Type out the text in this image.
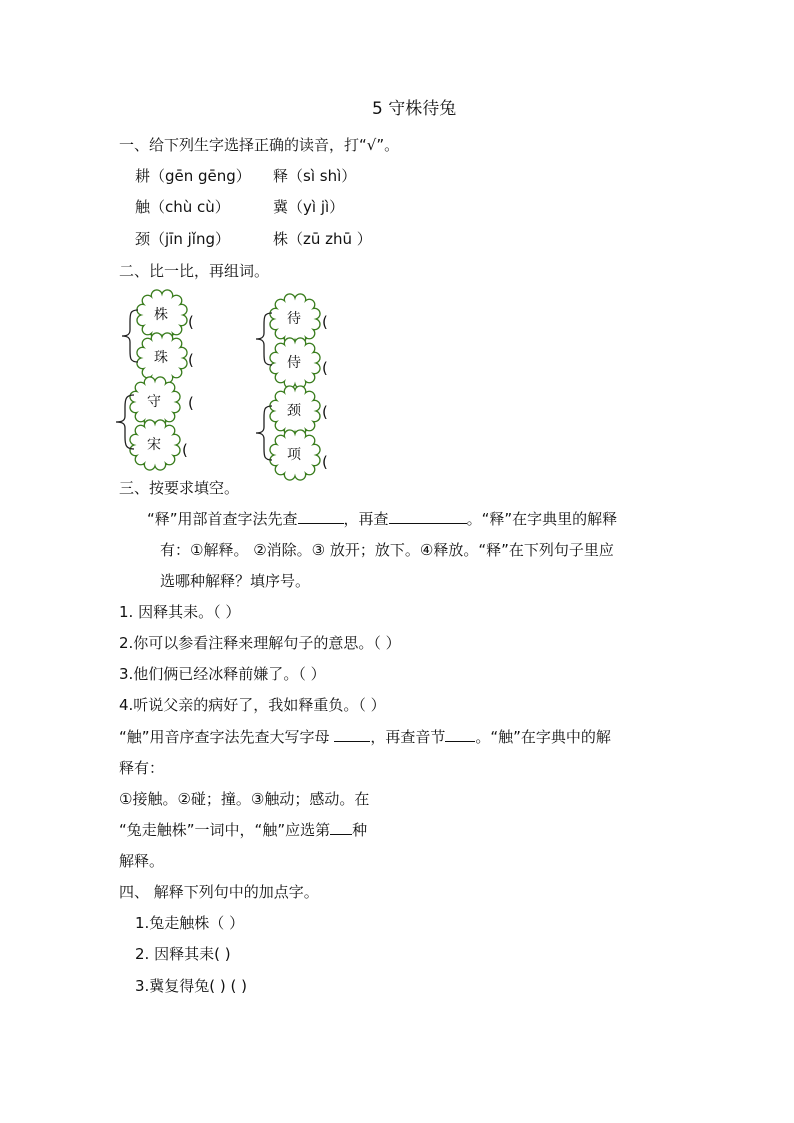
5 守株待兔
一、给下列生字选择正确的读音，打“√”。
耕（gēn gēng） 释（sì shì）
触（chù cù）	冀（yì jì）
颈（jīn jǐng）	株（zū zhū ）
二、比一比，再组词。
株
珠
守
宋
待
侍
颈
项
(
(
(
(
(
(
(
(
三、按要求填空。
“释”用部首查字法先查	，再查	。“释”在字典里的解释
有：①解释。 ②消除。③ 放开；放下。④释放。“释”在下列句子里应
选哪种解释？填序号。
1. 因释其耒。（ ）
2.你可以参看注释来理解句子的意思。（ ）
3.他们俩已经冰释前嫌了。（ ）
4.听说父亲的病好了，我如释重负。（ ）
“触”用音序查字法先查大写字母 ，再查音节 。“触”在字典中的解
释有：
①接触。②碰；撞。③触动；感动。在
“兔走触株”一词中，“触”应选第 种
解释。
四、 解释下列句中的加点字。
1.兔走触株（ ）
2. 因释其耒( )
3.冀复得兔( ) ( )
